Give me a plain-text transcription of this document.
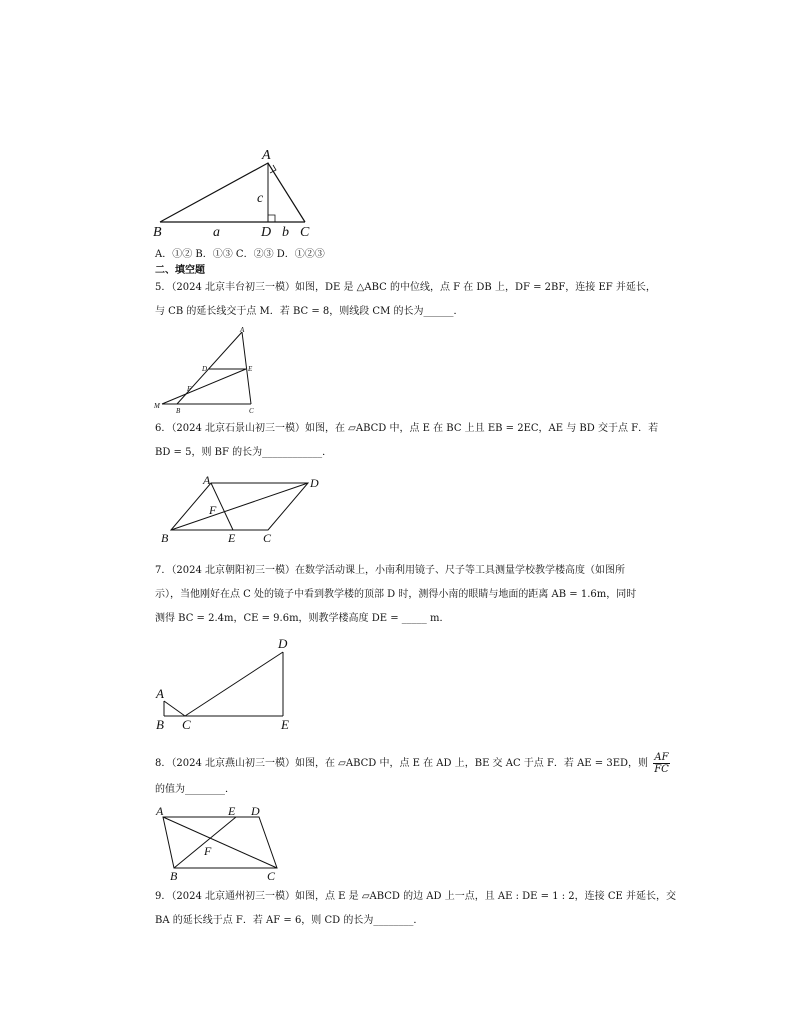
A
B	D C
a	b
c
A．①② B．①③ C．②③ D．①②③
二、填空题
5．（2024 北京丰台初三一模）如图，DE 是 △ABC 的中位线，点 F 在 DB 上，DF = 2BF，连接 EF 并延长，
与 CB 的延长线交于点 M．若 BC = 8，则线段 CM 的长为______．
A
D	E
F
M
B	C
6．（2024 北京石景山初三一模）如图，在 ▱ABCD 中，点 E 在 BC 上且 EB = 2EC，AE 与 BD 交于点 F．若
BD = 5，则 BF 的长为____________．
A	D
F
B	E C
7．（2024 北京朝阳初三一模）在数学活动课上，小南利用镜子、尺子等工具测量学校教学楼高度（如图所
示），当他刚好在点 C 处的镜子中看到教学楼的顶部 D 时，测得小南的眼睛与地面的距离 AB = 1.6m，同时
测得 BC = 2.4m，CE = 9.6m，则教学楼高度 DE = _____ m．
D
A
B C	E
8．（2024 北京燕山初三一模）如图，在 ▱ABCD 中，点 E 在 AD 上，BE 交 AC 于点 F．若 AE = 3ED，则 $\frac{AF}{FC}$
的值为________．
A	E D
F
B	C
9．（2024 北京通州初三一模）如图，点 E 是 ▱ABCD 的边 AD 上一点，且 AE : DE = 1 : 2，连接 CE 并延长，交
BA 的延长线于点 F．若 AF = 6，则 CD 的长为________．
